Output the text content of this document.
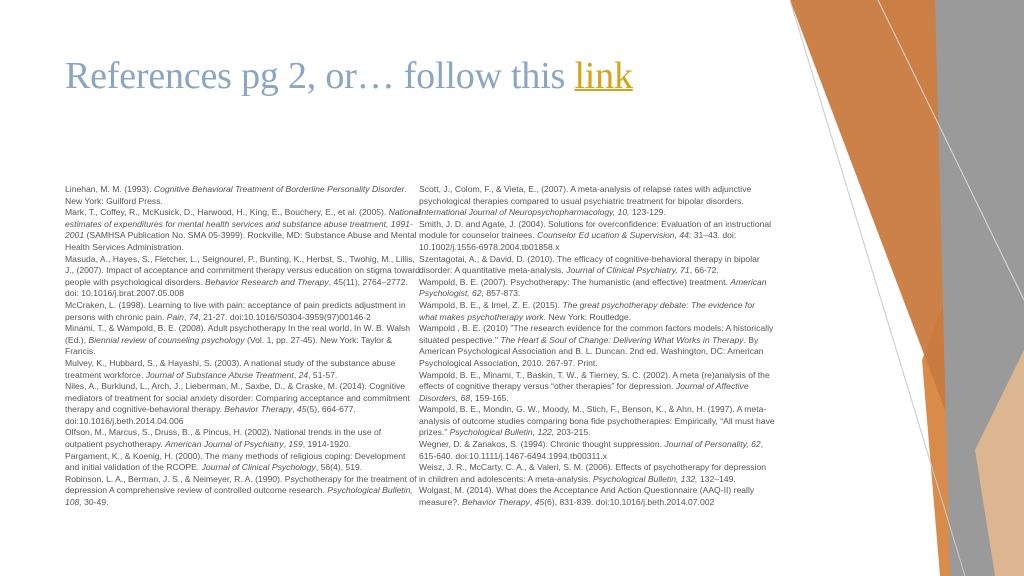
References pg 2, or… follow this link

Linehan, M. M. (1993). Cognitive Behavioral Treatment of Borderline Personality Disorder. New York: Guilford Press.

Mark, T., Coffey, R., McKusick, D., Harwood, H., King, E., Bouchery, E., et al. (2005). National estimates of expenditures for mental health services and substance abuse treatment, 1991-2001 (SAMHSA Publication No. SMA 05-3999). Rockville, MD: Substance Abuse and Mental Health Services Administration.

Masuda, A., Hayes, S., Fletcher, L., Seignourel, P., Bunting, K., Herbst, S., Twohig, M., Lillis, J., (2007). Impact of acceptance and commitment therapy versus education on stigma toward people with psychological disorders. Behavior Research and Therapy, 45(11), 2764–2772. doi: 10.1016/j.brat.2007.05.008

McCraken, L. (1998). Learning to live with pain: acceptance of pain predicts adjustment in persons with chronic pain. Pain, 74, 21-27. doi:10.1016/S0304-3959(97)00146-2

Minami, T., & Wampold, B. E. (2008). Adult psychotherapy In the real world. In W. B. Walsh (Ed.), Biennial review of counseling psychology (Vol. 1, pp. 27-45). New York: Taylor & Francis.

Mulvey, K., Hubbard, S., & Hayashi, S. (2003). A national study of the substance abuse treatment workforce. Journal of Substance Abuse Treatment, 24, 51-57.

Niles, A., Burklund, L., Arch, J., Lieberman, M., Saxbe, D., & Craske, M. (2014). Cognitive mediators of treatment for social anxiety disorder: Comparing acceptance and commitment therapy and cognitive-behavioral therapy. Behavior Therapy, 45(5), 664-677. doi:10.1016/j.beth.2014.04.006

Olfson, M., Marcus, S., Druss, B., & Pincus, H. (2002). National trends in the use of outpatient psychotherapy. American Journal of Psychiatry, 159, 1914-1920.

Pargament, K., & Koenig, H. (2000). The many methods of religious coping: Development and initial validation of the RCOPE. Journal of Clinical Psychology, 56(4), 519.

Robinson, L. A., Berman, J. S., & Neimeyer, R. A. (1990). Psychotherapy for the treatment of depression A comprehensive review of controlled outcome research. Psychological Bulletin, 108, 30-49.

Scott, J., Colom, F., & Vieta, E., (2007). A meta-analysis of relapse rates with adjunctive psychological therapies compared to usual psychiatric treatment for bipolar disorders. International Journal of Neuropsychopharmacology, 10, 123-129.

Smith, J. D. and Agate, J. (2004). Solutions for overconfidence: Evaluation of an instructional module for counselor trainees. Counselor Ed ucation & Supervision, 44: 31–43. doi: 10.1002/j.1556-6978.2004.tb01858.x

Szentagotai, A., & David, D. (2010). The efficacy of cognitive-behavioral therapy in bipolar disorder: A quantitative meta-analysis. Journal of Clinical Psychiatry, 71, 66-72.

Wampold, B. E. (2007). Psychotherapy: The humanistic (and effective) treatment. American Psychologist, 62, 857-873.

Wampold, B. E., & Imel, Z. E. (2015). The great psychotherapy debate: The evidence for what makes psychotherapy work. New York: Routledge.

Wampold , B. E. (2010) "The research evidence for the common factors models: A historically situated pespective." The Heart & Soul of Change: Delivering What Works in Therapy. By American Psychological Association and B. L. Duncan. 2nd ed. Washington, DC: American Psychological Association, 2010. 267-97. Print.

Wampold, B. E., Minami, T., Baskin, T. W., & Tierney, S. C. (2002). A meta (re)analysis of the effects of cognitive therapy versus “other therapies” for depression. Journal of Affective Disorders, 68, 159-165.

Wampold, B. E., Mondin, G. W., Moody, M., Stich, F., Benson, K., & Ahn, H. (1997). A meta-analysis of outcome studies comparing bona fide psychotherapies: Empirically, “All must have prizes.” Psychological Bulletin, 122, 203-215.

Wegner, D. & Zanakos, S. (1994). Chronic thought suppression. Journal of Personality, 62, 615-640. doi:10.1111/j.1467-6494.1994.tb00311.x

Weisz, J. R., McCarty, C. A., & Valeri, S. M. (2006). Effects of psychotherapy for depression in children and adolescents: A meta-analysis. Psychological Bulletin, 132, 132–149.

Wolgast, M. (2014). What does the Acceptance And Action Questionnaire (AAQ-II) really measure?. Behavior Therapy, 45(6), 831-839. doi:10.1016/j.beth.2014.07.002
